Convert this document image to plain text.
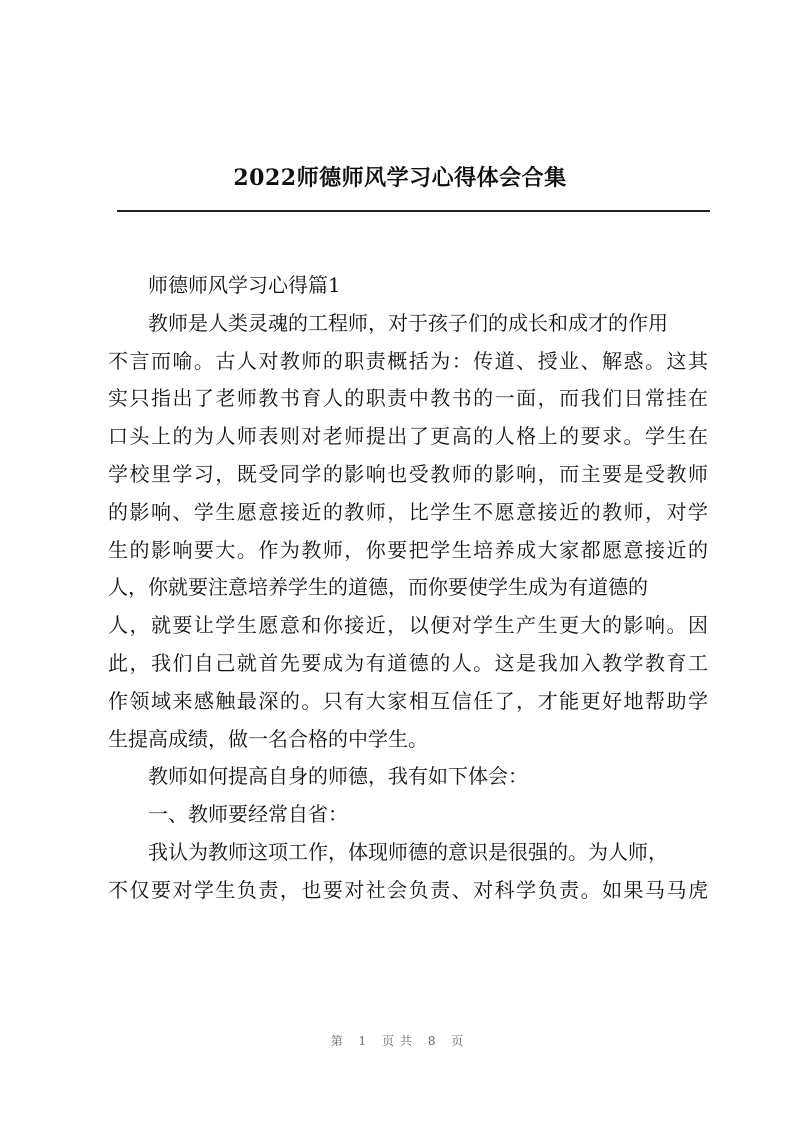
2022师德师风学习心得体会合集
师德师风学习心得篇1
教师是人类灵魂的工程师，对于孩子们的成长和成才的作用
不言而喻。古人对教师的职责概括为：传道、授业、解惑。这其
实只指出了老师教书育人的职责中教书的一面，而我们日常挂在
口头上的为人师表则对老师提出了更高的人格上的要求。学生在
学校里学习，既受同学的影响也受教师的影响，而主要是受教师
的影响、学生愿意接近的教师，比学生不愿意接近的教师，对学
生的影响要大。作为教师，你要把学生培养成大家都愿意接近的
人，你就要注意培养学生的道德，而你要使学生成为有道德的
人，就要让学生愿意和你接近，以便对学生产生更大的影响。因
此，我们自己就首先要成为有道德的人。这是我加入教学教育工
作领域来感触最深的。只有大家相互信任了，才能更好地帮助学
生提高成绩，做一名合格的中学生。
教师如何提高自身的师德，我有如下体会：
一、教师要经常自省：
我认为教师这项工作，体现师德的意识是很强的。为人师，
不仅要对学生负责，也要对社会负责、对科学负责。如果马马虎
第 1 页共 8 页
